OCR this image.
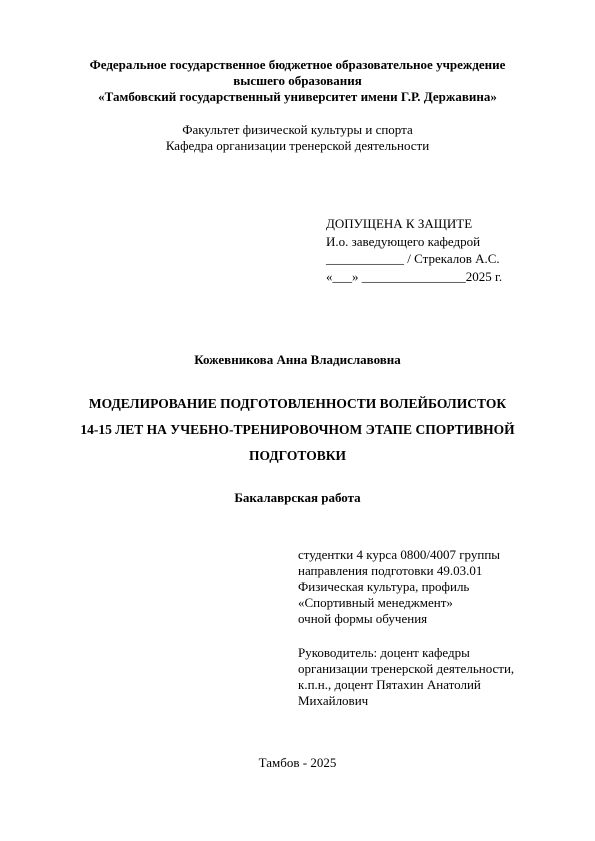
Федеральное государственное бюджетное образовательное учреждение
высшего образования
«Тамбовский государственный университет имени Г.Р. Державина»
Факультет физической культуры и спорта
Кафедра организации тренерской деятельности
ДОПУЩЕНА К ЗАЩИТЕ
И.о. заведующего кафедрой
____________ / Стрекалов А.С.
«___» ________________2025 г.
Кожевникова Анна Владиславовна
МОДЕЛИРОВАНИЕ ПОДГОТОВЛЕННОСТИ ВОЛЕЙБОЛИСТОК
14-15 ЛЕТ НА УЧЕБНО-ТРЕНИРОВОЧНОМ ЭТАПЕ СПОРТИВНОЙ
ПОДГОТОВКИ
Бакалаврская работа
студентки 4 курса 0800/4007 группы
направления подготовки 49.03.01
Физическая культура, профиль
«Спортивный менеджмент»
очной формы обучения
Руководитель: доцент кафедры
организации тренерской деятельности,
к.п.н., доцент Пятахин Анатолий
Михайлович
Тамбов - 2025
